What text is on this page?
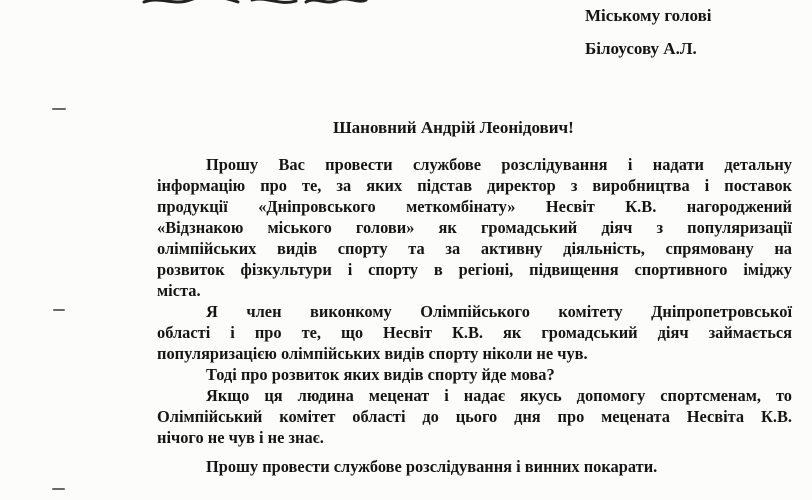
Міському голові
Білоусову А.Л.
Шановний Андрій Леонідович!
Прошу Вас провести службове розслідування і надати детальну
інформацію про те, за яких підстав директор з виробництва і поставок
продукції «Дніпровського меткомбінату» Несвіт К.В. нагороджений
«Відзнакою міського голови» як громадський діяч з популяризації
олімпійських видів спорту та за активну діяльність, спрямовану на
розвиток фізкультури і спорту в регіоні, підвищення спортивного іміджу
міста.
Я член виконкому Олімпійського комітету Дніпропетровської
області і про те, що Несвіт К.В. як громадський діяч займається
популяризацією олімпійських видів спорту ніколи не чув.
Тоді про розвиток яких видів спорту йде мова?
Якщо ця людина меценат і надає якусь допомогу спортсменам, то
Олімпійський комітет області до цього дня про мецената Несвіта К.В.
нічого не чув і не знає.
Прошу провести службове розслідування і винних покарати.
